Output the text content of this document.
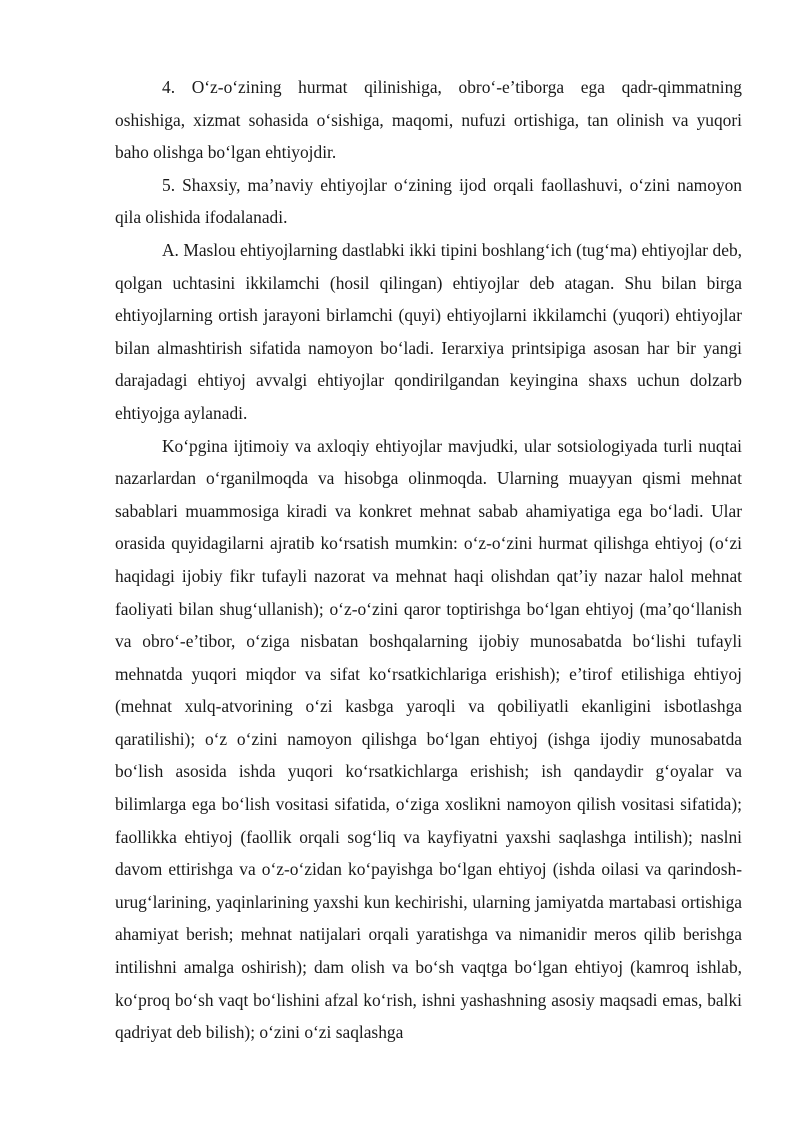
4. O‘z-o‘zining hurmat qilinishiga, obro‘-e’tiborga ega qadr-qimmatning oshishiga, xizmat sohasida o‘sishiga, maqomi, nufuzi ortishiga, tan olinish va yuqori baho olishga bo‘lgan ehtiyojdir.

5. Shaxsiy, ma’naviy ehtiyojlar o‘zining ijod orqali faollashuvi, o‘zini namoyon qila olishida ifodalanadi.

A. Maslou ehtiyojlarning dastlabki ikki tipini boshlang‘ich (tug‘ma) ehtiyojlar deb, qolgan uchtasini ikkilamchi (hosil qilingan) ehtiyojlar deb atagan. Shu bilan birga ehtiyojlarning ortish jarayoni birlamchi (quyi) ehtiyojlarni ikkilamchi (yuqori) ehtiyojlar bilan almashtirish sifatida namoyon bo‘ladi. Ierarxiya printsipiga asosan har bir yangi darajadagi ehtiyoj avvalgi ehtiyojlar qondirilgandan keyingina shaxs uchun dolzarb ehtiyojga aylanadi.

Ko‘pgina ijtimoiy va axloqiy ehtiyojlar mavjudki, ular sotsiologiyada turli nuqtai nazarlardan o‘rganilmoqda va hisobga olinmoqda. Ularning muayyan qismi mehnat sabablari muammosiga kiradi va konkret mehnat sabab ahamiyatiga ega bo‘ladi. Ular orasida quyidagilarni ajratib ko‘rsatish mumkin: o‘z-o‘zini hurmat qilishga ehtiyoj (o‘zi haqidagi ijobiy fikr tufayli nazorat va mehnat haqi olishdan qat’iy nazar halol mehnat faoliyati bilan shug‘ullanish); o‘z-o‘zini qaror toptirishga bo‘lgan ehtiyoj (ma’qo‘llanish va obro‘-e’tibor, o‘ziga nisbatan boshqalarning ijobiy munosabatda bo‘lishi tufayli mehnatda yuqori miqdor va sifat ko‘rsatkichlariga erishish); e’tirof etilishiga ehtiyoj (mehnat xulq-atvorining o‘zi kasbga yaroqli va qobiliyatli ekanligini isbotlashga qaratilishi); o‘z o‘zini namoyon qilishga bo‘lgan ehtiyoj (ishga ijodiy munosabatda bo‘lish asosida ishda yuqori ko‘rsatkichlarga erishish; ish qandaydir g‘oyalar va bilimlarga ega bo‘lish vositasi sifatida, o‘ziga xoslikni namoyon qilish vositasi sifatida); faollikka ehtiyoj (faollik orqali sog‘liq va kayfiyatni yaxshi saqlashga intilish); naslni davom ettirishga va o‘z-o‘zidan ko‘payishga bo‘lgan ehtiyoj (ishda oilasi va qarindosh-urug‘larining, yaqinlarining yaxshi kun kechirishi, ularning jamiyatda martabasi ortishiga ahamiyat berish; mehnat natijalari orqali yaratishga va nimanidir meros qilib berishga intilishni amalga oshirish); dam olish va bo‘sh vaqtga bo‘lgan ehtiyoj (kamroq ishlab, ko‘proq bo‘sh vaqt bo‘lishini afzal ko‘rish, ishni yashashning asosiy maqsadi emas, balki qadriyat deb bilish); o‘zini o‘zi saqlashga
